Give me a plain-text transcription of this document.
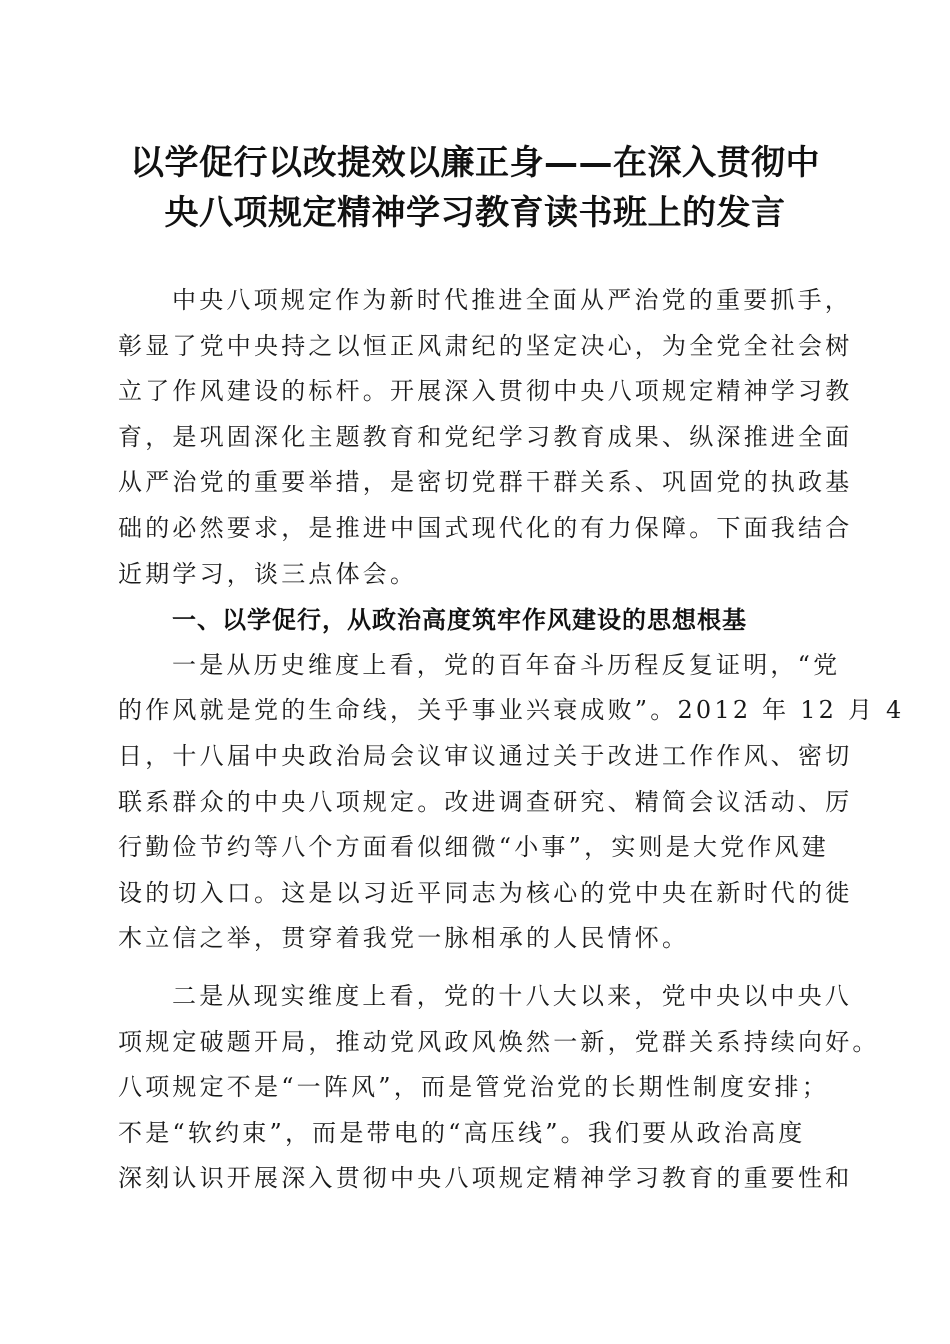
以学促行以改提效以廉正身——在深入贯彻中
央八项规定精神学习教育读书班上的发言
中央八项规定作为新时代推进全面从严治党的重要抓手，
彰显了党中央持之以恒正风肃纪的坚定决心，为全党全社会树
立了作风建设的标杆。开展深入贯彻中央八项规定精神学习教
育，是巩固深化主题教育和党纪学习教育成果、纵深推进全面
从严治党的重要举措，是密切党群干群关系、巩固党的执政基
础的必然要求，是推进中国式现代化的有力保障。下面我结合
近期学习，谈三点体会。
一、以学促行，从政治高度筑牢作风建设的思想根基
一是从历史维度上看，党的百年奋斗历程反复证明，“党
的作风就是党的生命线，关乎事业兴衰成败”。2012 年 12 月 4
日，十八届中央政治局会议审议通过关于改进工作作风、密切
联系群众的中央八项规定。改进调查研究、精简会议活动、厉
行勤俭节约等八个方面看似细微“小事”，实则是大党作风建
设的切入口。这是以习近平同志为核心的党中央在新时代的徙
木立信之举，贯穿着我党一脉相承的人民情怀。
二是从现实维度上看，党的十八大以来，党中央以中央八
项规定破题开局，推动党风政风焕然一新，党群关系持续向好。
八项规定不是“一阵风”，而是管党治党的长期性制度安排；
不是“软约束”，而是带电的“高压线”。我们要从政治高度
深刻认识开展深入贯彻中央八项规定精神学习教育的重要性和
